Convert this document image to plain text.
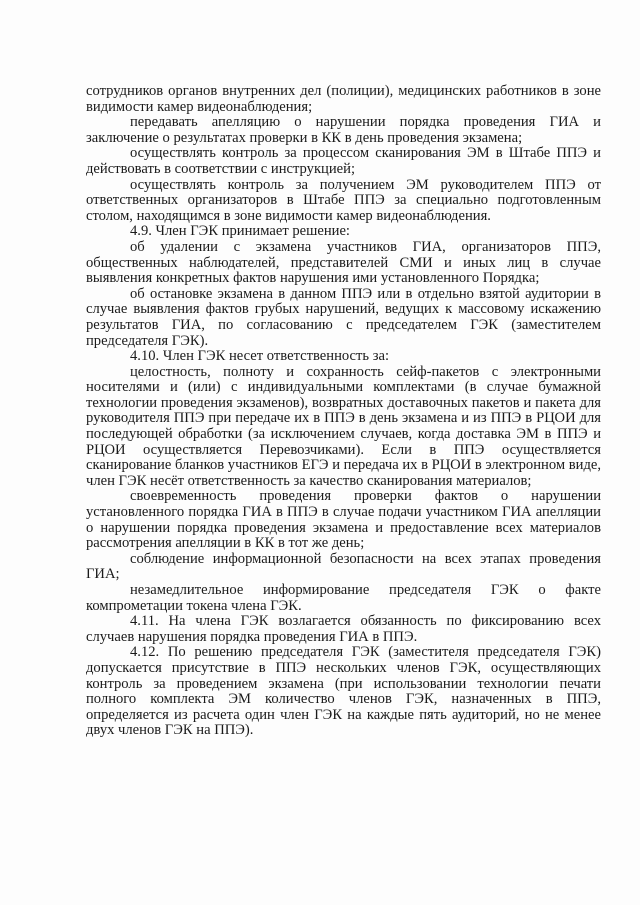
сотрудников органов внутренних дел (полиции), медицинских работников в зоне видимости камер видеонаблюдения;

передавать апелляцию о нарушении порядка проведения ГИА и заключение о результатах проверки в КК в день проведения экзамена;

осуществлять контроль за процессом сканирования ЭМ в Штабе ППЭ и действовать в соответствии с инструкцией;

осуществлять контроль за получением ЭМ руководителем ППЭ от ответственных организаторов в Штабе ППЭ за специально подготовленным столом, находящимся в зоне видимости камер видеонаблюдения.

4.9. Член ГЭК принимает решение:

об удалении с экзамена участников ГИА, организаторов ППЭ, общественных наблюдателей, представителей СМИ и иных лиц в случае выявления конкретных фактов нарушения ими установленного Порядка;

об остановке экзамена в данном ППЭ или в отдельно взятой аудитории в случае выявления фактов грубых нарушений, ведущих к массовому искажению результатов ГИА, по согласованию с председателем ГЭК (заместителем председателя ГЭК).

4.10. Член ГЭК несет ответственность за:

целостность, полноту и сохранность сейф-пакетов с электронными носителями и (или) с индивидуальными комплектами (в случае бумажной технологии проведения экзаменов), возвратных доставочных пакетов и пакета для руководителя ППЭ при передаче их в ППЭ в день экзамена и из ППЭ в РЦОИ для последующей обработки (за исключением случаев, когда доставка ЭМ в ППЭ и РЦОИ осуществляется Перевозчиками). Если в ППЭ осуществляется сканирование бланков участников ЕГЭ и передача их в РЦОИ в электронном виде, член ГЭК несёт ответственность за качество сканирования материалов;

своевременность проведения проверки фактов о нарушении установленного порядка ГИА в ППЭ в случае подачи участником ГИА апелляции о нарушении порядка проведения экзамена и предоставление всех материалов рассмотрения апелляции в КК в тот же день;

соблюдение информационной безопасности на всех этапах проведения ГИА;

незамедлительное информирование председателя ГЭК о факте компрометации токена члена ГЭК.

4.11. На члена ГЭК возлагается обязанность по фиксированию всех случаев нарушения порядка проведения ГИА в ППЭ.

4.12. По решению председателя ГЭК (заместителя председателя ГЭК) допускается присутствие в ППЭ нескольких членов ГЭК, осуществляющих контроль за проведением экзамена (при использовании технологии печати полного комплекта ЭМ количество членов ГЭК, назначенных в ППЭ, определяется из расчета один член ГЭК на каждые пять аудиторий, но не менее двух членов ГЭК на ППЭ).
